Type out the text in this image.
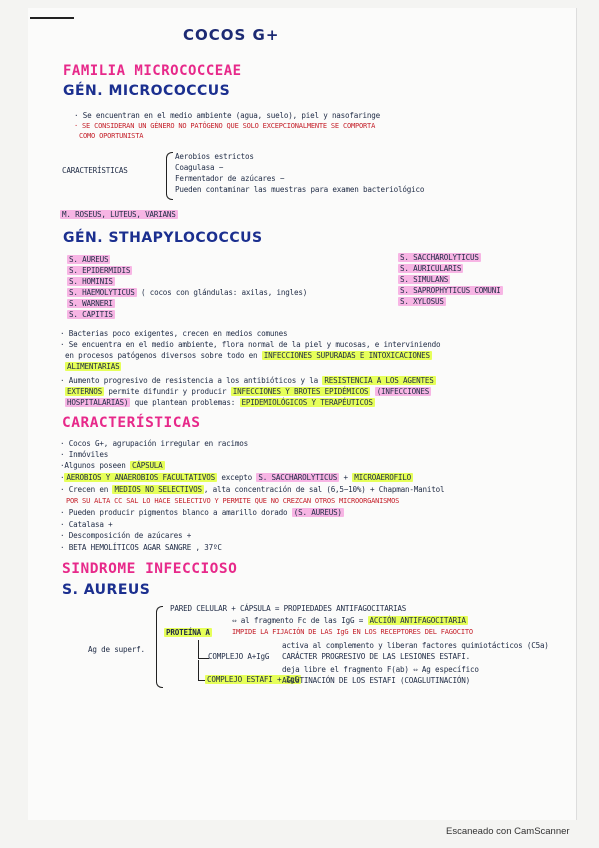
COCOS G+
FAMILIA MICROCOCCEAE
GÉN. MICROCOCCUS
· Se encuentran en el medio ambiente (agua, suelo), piel y nasofaringe
· SE CONSIDERAN UN GÉNERO NO PATÓGENO QUE SOLO EXCEPCIONALMENTE SE COMPORTA
COMO OPORTUNISTA
CARACTERÍSTICAS
Aerobios estrictos
Coagulasa −
Fermentador de azúcares −
Pueden contaminar las muestras para examen bacteriológico
M. ROSEUS, LUTEUS, VARIANS
GÉN. STHAPYLOCOCCUS
S. AUREUS
S. EPIDERMIDIS
S. HOMINIS
S. HAEMOLYTICUS ( cocos con glándulas: axilas, ingles)
S. WARNERI
S. CAPITIS
S. SACCHAROLYTICUS
S. AURICULARIS
S. SIMULANS
S. SAPROPHYTICUS COMUNI
S. XYLOSUS
· Bacterias poco exigentes, crecen en medios comunes
· Se encuentra en el medio ambiente, flora normal de la piel y mucosas, e interviniendo
en procesos patógenos diversos sobre todo en INFECCIONES SUPURADAS E INTOXICACIONES
ALIMENTARIAS
· Aumento progresivo de resistencia a los antibióticos y la RESISTENCIA A LOS AGENTES
EXTERNOS permite difundir y producir INFECCIONES Y BROTES EPIDÉMICOS (INFECCIONES
HOSPITALARIAS) que plantean problemas: EPIDEMIOLÓGICOS Y TERAPÉUTICOS
CARACTERÍSTICAS
· Cocos G+, agrupación irregular en racimos
· Inmóviles
·Algunos poseen CÁPSULA
· AEROBIOS Y ANAEROBIOS FACULTATIVOS excepto S. SACCHAROLYTICUS + MICROAEROFILO
· Crecen en MEDIOS NO SELECTIVOS , alta concentración de sal (6,5−10%) + Chapman-Manitol
POR SU ALTA CC SAL LO HACE SELECTIVO Y PERMITE QUE NO CREZCAN OTROS MICROORGANISMOS
· Pueden producir pigmentos blanco a amarillo dorado (S. AUREUS)
· Catalasa +
· Descomposición de azúcares +
· BETA HEMOLÍTICOS AGAR SANGRE , 37ºC
SINDROME INFECCIOSO
S. AUREUS
Ag de superf.
PARED CELULAR + CÁPSULA = PROPIEDADES ANTIFAGOCITARIAS
⇔ al fragmento Fc de las IgG = ACCIÓN ANTIFAGOCITARIA
PROTEÍNA A	IMPIDE LA FIJACIÓN DE LAS IgG EN LOS RECEPTORES DEL FAGOCITO
activa al complemento y liberan factores quimiotácticos (C5a)
COMPLEJO A+IgG CARÁCTER PROGRESIVO DE LAS LESIONES ESTAFI.
deja libre el fragmento F(ab) ⇔ Ag específico
COMPLEJO ESTAFI + IgG
AGLUTINACIÓN DE LOS ESTAFI (COAGLUTINACIÓN)
Escaneado con CamScanner
